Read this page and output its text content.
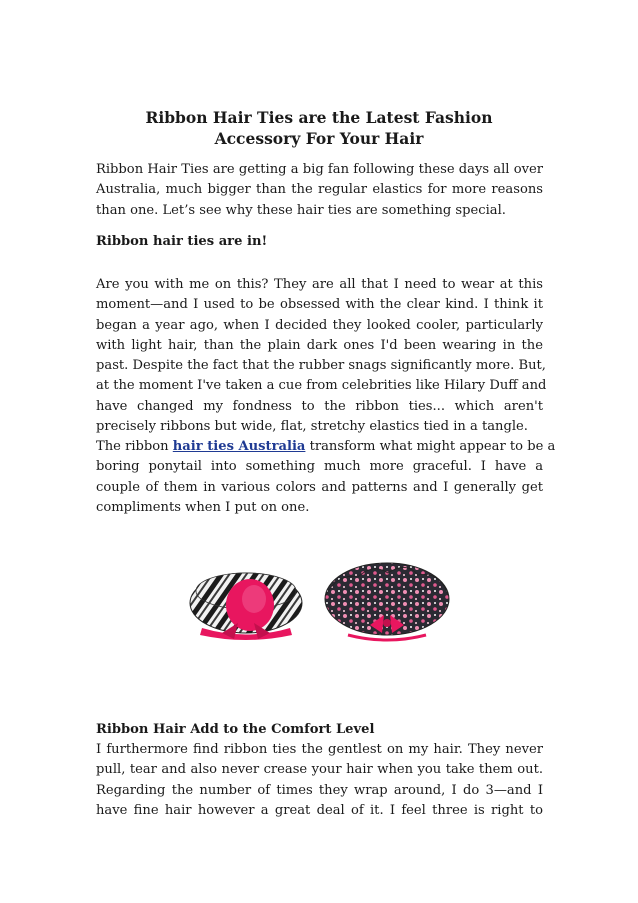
Ribbon Hair Ties are the Latest Fashion
Accessory For Your Hair
Ribbon Hair Ties are getting a big fan following these days all over
Australia, much bigger than the regular elastics for more reasons
than one. Let’s see why these hair ties are something special.
Ribbon hair ties are in!
Are you with me on this? They are all that I need to wear at this
moment—and I used to be obsessed with the clear kind. I think it
began a year ago, when I decided they looked cooler, particularly
with light hair, than the plain dark ones I'd been wearing in the
past. Despite the fact that the rubber snags significantly more. But,
at the moment I've taken a cue from celebrities like Hilary Duff and
have changed my fondness to the ribbon ties... which aren't
precisely ribbons but wide, flat, stretchy elastics tied in a tangle.
The ribbon hair ties Australia transform what might appear to be a
boring ponytail into something much more graceful. I have a
couple of them in various colors and patterns and I generally get
compliments when I put on one.
Ribbon Hair Add to the Comfort Level
I furthermore find ribbon ties the gentlest on my hair. They never
pull, tear and also never crease your hair when you take them out.
Regarding the number of times they wrap around, I do 3—and I
have fine hair however a great deal of it. I feel three is right to
